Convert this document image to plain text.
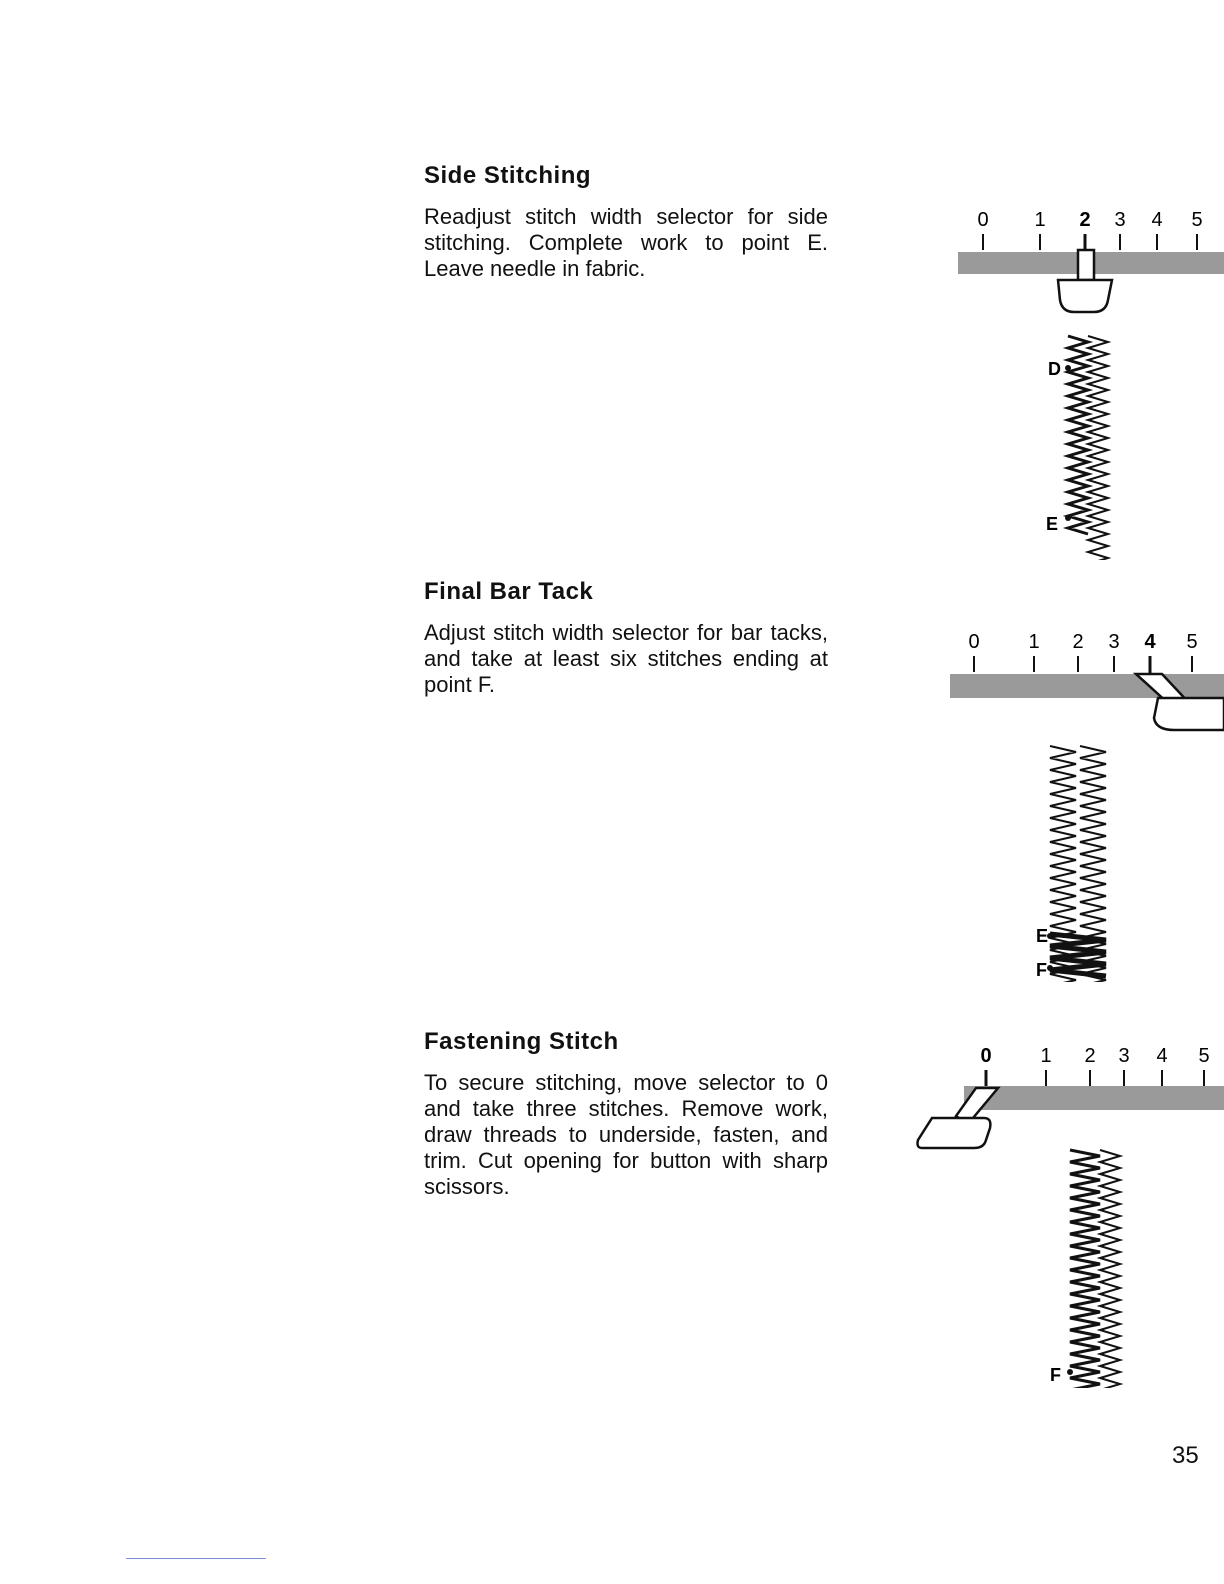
Side Stitching

Readjust stitch width selector for side stitching. Complete work to point E. Leave needle in fabric.

Final Bar Tack

Adjust stitch width selector for bar tacks, and take at least six stitches ending at point F.

Fastening Stitch

To secure stitching, move selector to 0 and take three stitches. Remove work, draw threads to underside, fasten, and trim. Cut opening for button with sharp scissors.

0 1 2 3 4 5
D
E
0 1 2 3 4 5
E
F
0 1 2 3 4 5
F
35
